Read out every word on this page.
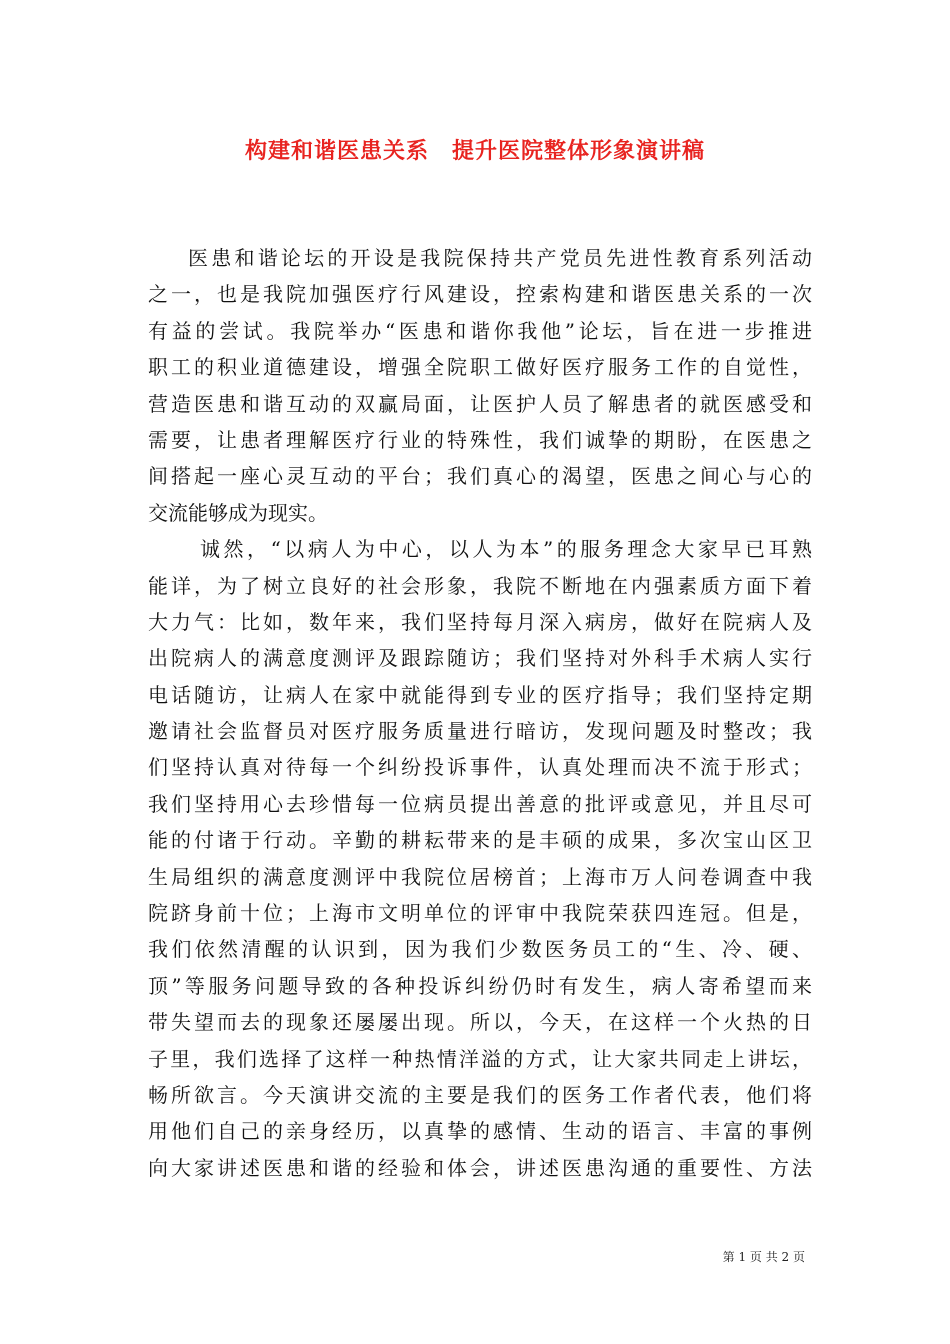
构建和谐医患关系　提升医院整体形象演讲稿
医患和谐论坛的开设是我院保持共产党员先进性教育系列活动
之一，也是我院加强医疗行风建设，控索构建和谐医患关系的一次
有益的尝试。我院举办“医患和谐你我他”论坛，旨在进一步推进
职工的积业道德建设，增强全院职工做好医疗服务工作的自觉性，
营造医患和谐互动的双赢局面，让医护人员了解患者的就医感受和
需要，让患者理解医疗行业的特殊性，我们诚挚的期盼，在医患之
间搭起一座心灵互动的平台；我们真心的渴望，医患之间心与心的
交流能够成为现实。
诚然，“以病人为中心，以人为本”的服务理念大家早已耳熟
能详，为了树立良好的社会形象，我院不断地在内强素质方面下着
大力气：比如，数年来，我们坚持每月深入病房，做好在院病人及
出院病人的满意度测评及跟踪随访；我们坚持对外科手术病人实行
电话随访，让病人在家中就能得到专业的医疗指导；我们坚持定期
邀请社会监督员对医疗服务质量进行暗访，发现问题及时整改；我
们坚持认真对待每一个纠纷投诉事件，认真处理而决不流于形式；
我们坚持用心去珍惜每一位病员提出善意的批评或意见，并且尽可
能的付诸于行动。辛勤的耕耘带来的是丰硕的成果，多次宝山区卫
生局组织的满意度测评中我院位居榜首；上海市万人问卷调查中我
院跻身前十位；上海市文明单位的评审中我院荣获四连冠。但是，
我们依然清醒的认识到，因为我们少数医务员工的“生、冷、硬、
顶”等服务问题导致的各种投诉纠纷仍时有发生，病人寄希望而来
带失望而去的现象还屡屡出现。所以，今天，在这样一个火热的日
子里，我们选择了这样一种热情洋溢的方式，让大家共同走上讲坛，
畅所欲言。今天演讲交流的主要是我们的医务工作者代表，他们将
用他们自己的亲身经历，以真挚的感情、生动的语言、丰富的事例
向大家讲述医患和谐的经验和体会，讲述医患沟通的重要性、方法
第 1 页 共 2 页
